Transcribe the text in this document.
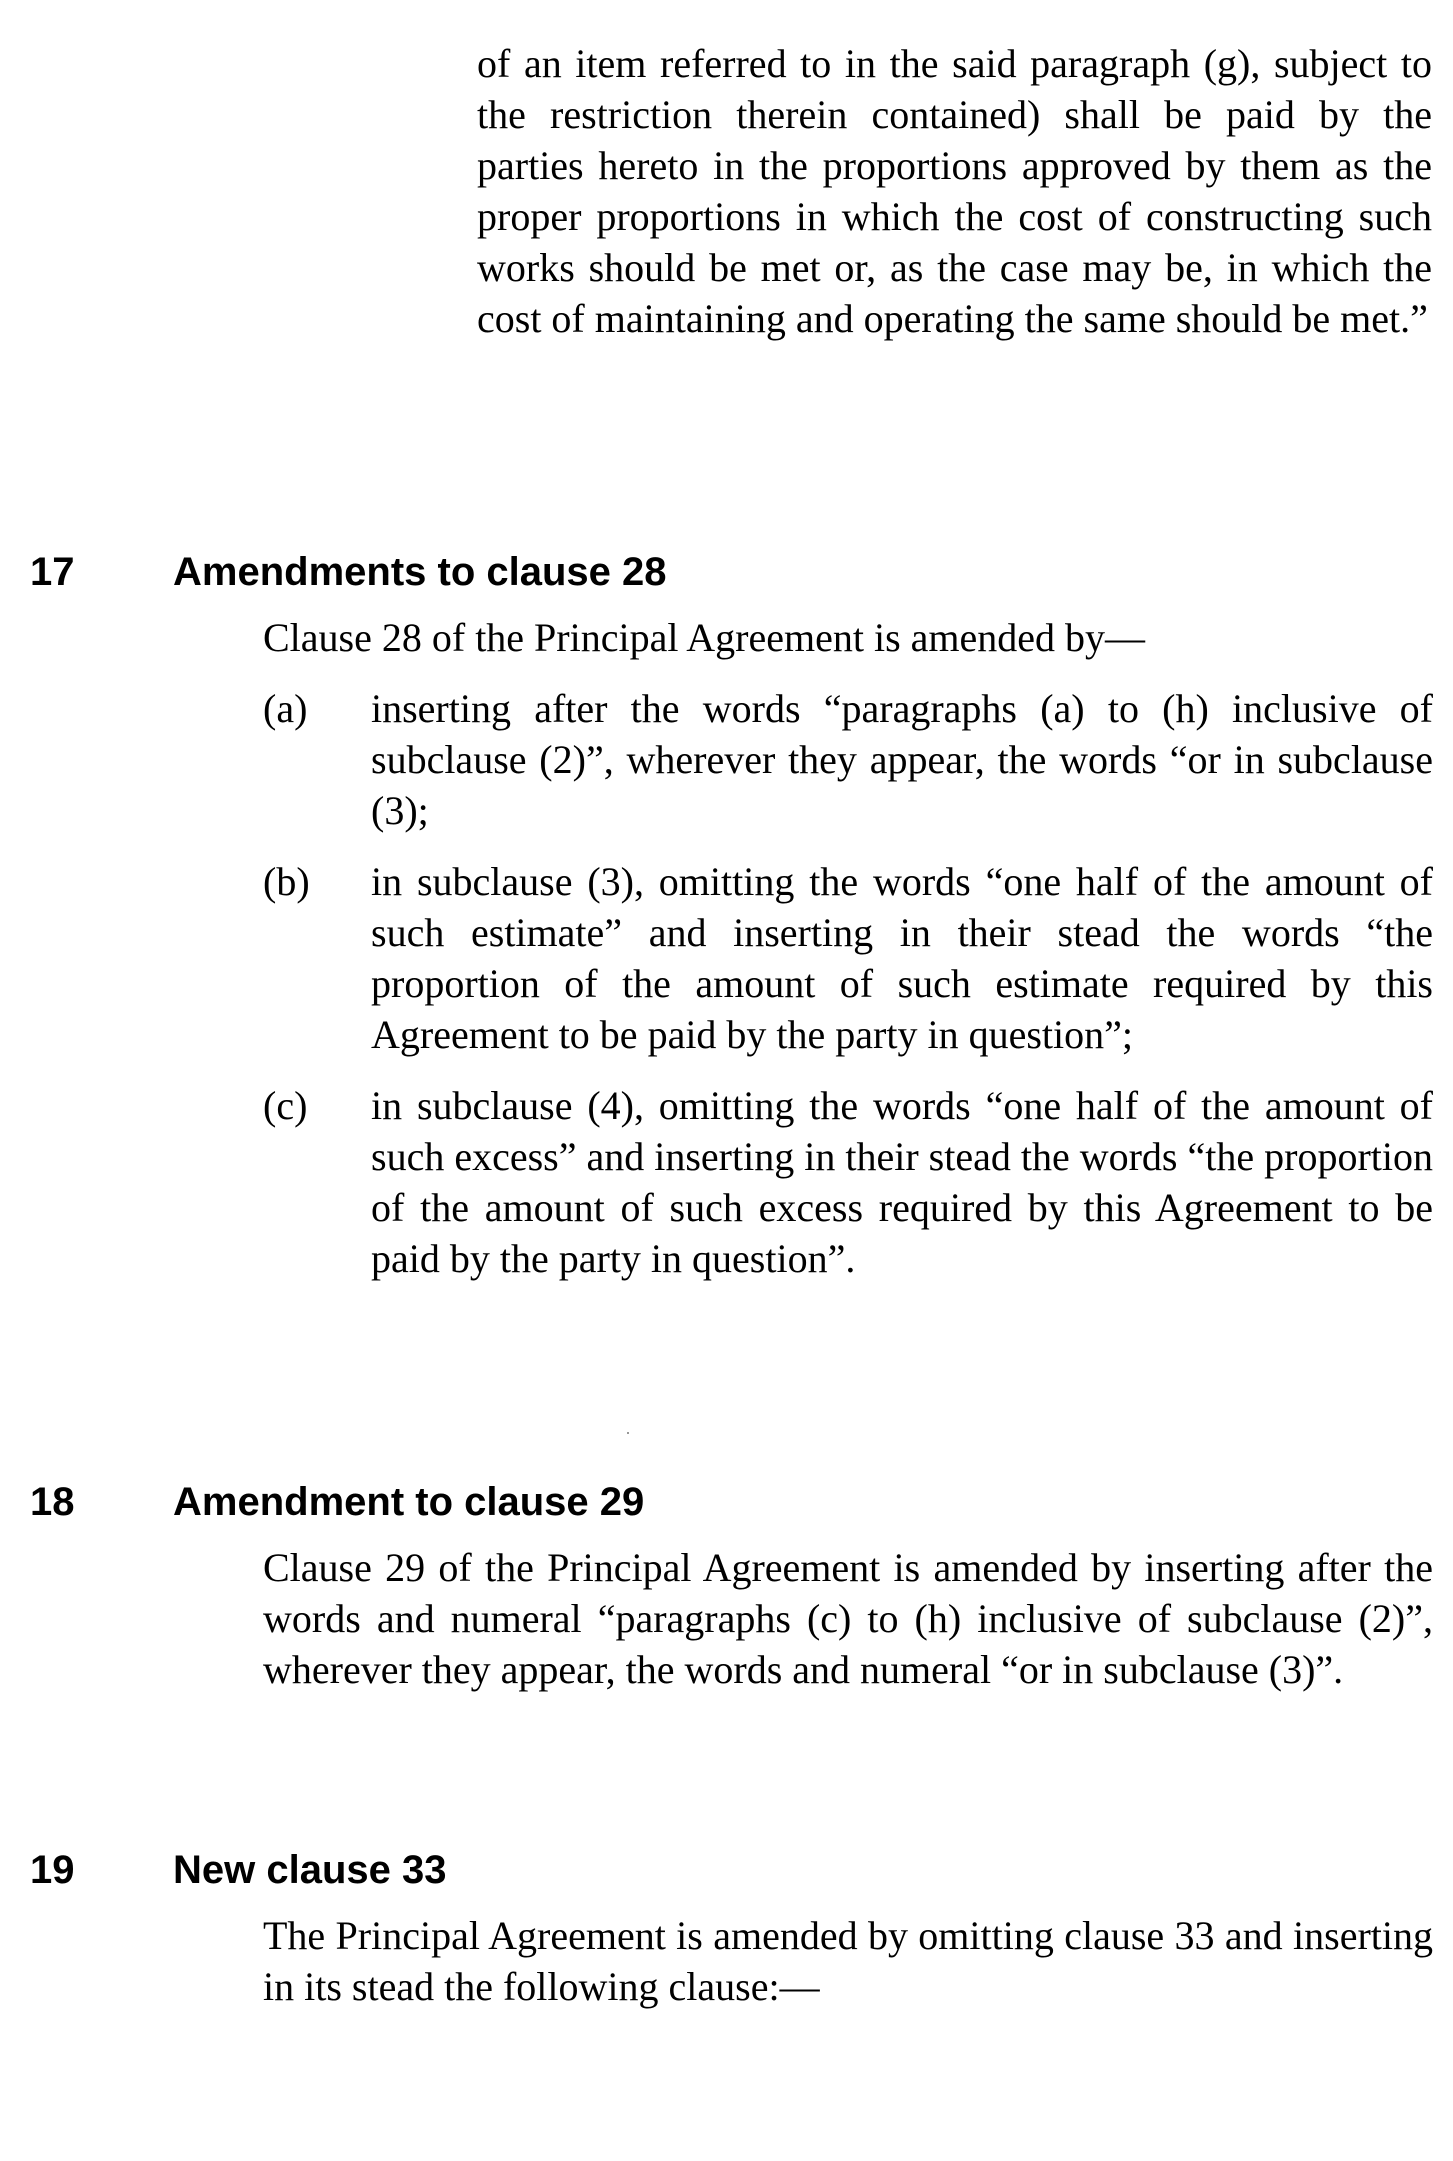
of an item referred to in the said paragraph (g), subject to the restriction therein contained) shall be paid by the parties hereto in the proportions approved by them as the proper proportions in which the cost of constructing such works should be met or, as the case may be, in which the cost of maintaining and operating the same should be met.”

17 Amendments to clause 28

Clause 28 of the Principal Agreement is amended by—

(a) inserting after the words “paragraphs (a) to (h) inclusive of subclause (2)”, wherever they appear, the words “or in subclause (3);
(b) in subclause (3), omitting the words “one half of the amount of such estimate” and inserting in their stead the words “the proportion of the amount of such estimate required by this Agreement to be paid by the party in question”;
(c) in subclause (4), omitting the words “one half of the amount of such excess” and inserting in their stead the words “the proportion of the amount of such excess required by this Agreement to be paid by the party in question”.
18 Amendment to clause 29

Clause 29 of the Principal Agreement is amended by inserting after the words and numeral “paragraphs (c) to (h) inclusive of subclause (2)”, wherever they appear, the words and numeral “or in subclause (3)”.

19 New clause 33

The Principal Agreement is amended by omitting clause 33 and inserting in its stead the following clause:—
